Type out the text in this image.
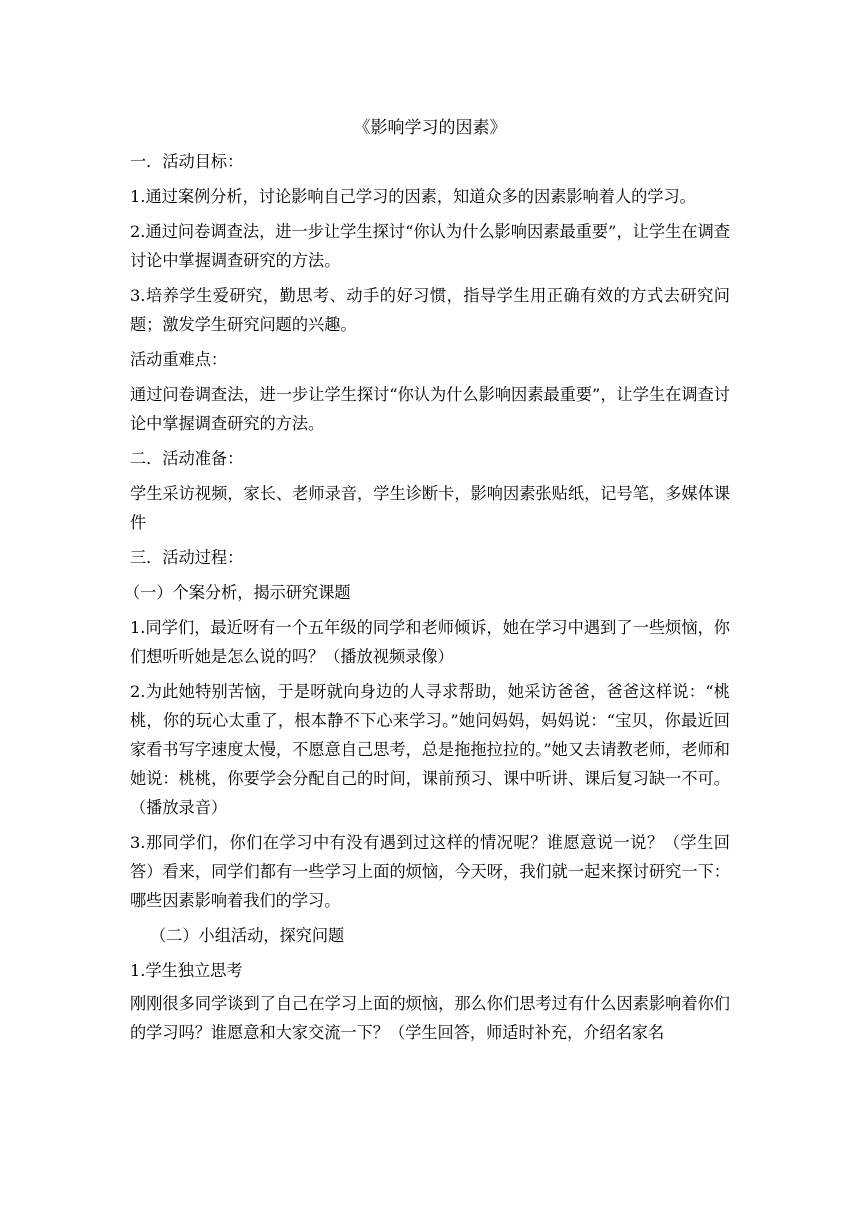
《影响学习的因素》

一．活动目标：

1.通过案例分析，讨论影响自己学习的因素，知道众多的因素影响着人的学习。

2.通过问卷调查法，进一步让学生探讨“你认为什么影响因素最重要”，让学生在调查讨论中掌握调查研究的方法。

3.培养学生爱研究，勤思考、动手的好习惯，指导学生用正确有效的方式去研究问题；激发学生研究问题的兴趣。

活动重难点：

通过问卷调查法，进一步让学生探讨“你认为什么影响因素最重要”，让学生在调查讨论中掌握调查研究的方法。

二．活动准备：

学生采访视频，家长、老师录音，学生诊断卡，影响因素张贴纸，记号笔，多媒体课件

三．活动过程：

（一）个案分析，揭示研究课题

1.同学们，最近呀有一个五年级的同学和老师倾诉，她在学习中遇到了一些烦恼，你们想听听她是怎么说的吗？（播放视频录像）

2.为此她特别苦恼，于是呀就向身边的人寻求帮助，她采访爸爸，爸爸这样说：“桃桃，你的玩心太重了，根本静不下心来学习。”她问妈妈，妈妈说：“宝贝，你最近回家看书写字速度太慢，不愿意自己思考，总是拖拖拉拉的。”她又去请教老师，老师和她说：桃桃，你要学会分配自己的时间，课前预习、课中听讲、课后复习缺一不可。（播放录音）

3.那同学们，你们在学习中有没有遇到过这样的情况呢？谁愿意说一说？（学生回答）看来，同学们都有一些学习上面的烦恼，今天呀，我们就一起来探讨研究一下：哪些因素影响着我们的学习。

（二）小组活动，探究问题

1.学生独立思考

刚刚很多同学谈到了自己在学习上面的烦恼，那么你们思考过有什么因素影响着你们的学习吗？谁愿意和大家交流一下？（学生回答，师适时补充，介绍名家名
